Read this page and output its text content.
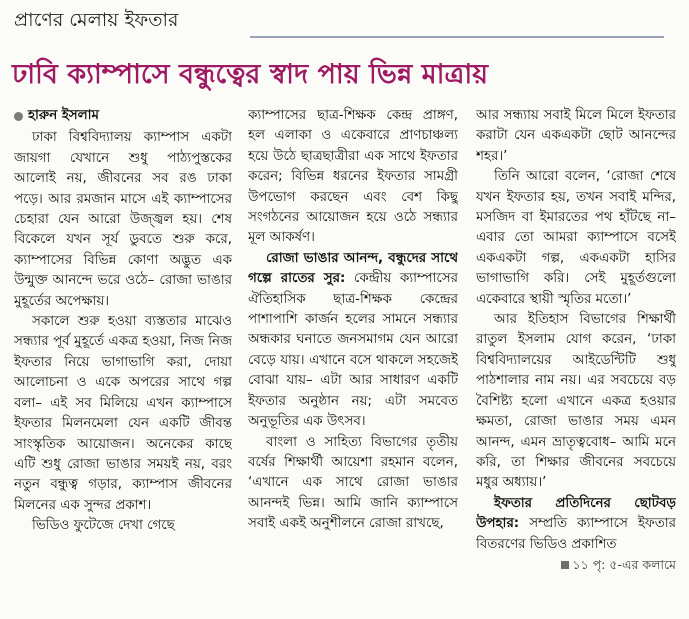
প্রাণের মেলায় ইফতার
ঢাবি ক্যাম্পাসে বন্ধুত্বের স্বাদ পায় ভিন্ন মাত্রায়
হারুন ইসলাম

ঢাকা বিশ্ববিদ্যালয় ক্যাম্পাস একটা জায়গা যেখানে শুধু পাঠ্যপুস্তকের আলোই নয়, জীবনের সব রঙ ঢাকা পড়ে। আর রমজান মাসে এই ক্যাম্পাসের চেহারা যেন আরো উজ্জ্বল হয়। শেষ বিকেলে যখন সূর্য ডুবতে শুরু করে, ক্যাম্পাসের বিভিন্ন কোণা অদ্ভুত এক উন্মুক্ত আনন্দে ভরে ওঠে– রোজা ভাঙার মুহূর্তের অপেক্ষায়।

সকালে শুরু হওয়া ব্যস্ততার মাঝেও সন্ধ্যার পূর্ব মুহূর্তে একত্র হওয়া, নিজ নিজ ইফতার নিয়ে ভাগাভাগি করা, দোয়া আলোচনা ও একে অপরের সাথে গল্প বলা– এই সব মিলিয়ে এখন ক্যাম্পাসে ইফতার মিলনমেলা যেন একটি জীবন্ত সাংস্কৃতিক আয়োজন। অনেকের কাছে এটি শুধু রোজা ভাঙার সময়ই নয়, বরং নতুন বন্ধুত্ব গড়ার, ক্যাম্পাস জীবনের মিলনের এক সুন্দর প্রকাশ।

ভিডিও ফুটেজে দেখা গেছে

ক্যাম্পাসের ছাত্র-শিক্ষক কেন্দ্র প্রাঙ্গণ, হল এলাকা ও একেবারে প্রাণচাঞ্চল্য হয়ে উঠে ছাত্রছাত্রীরা এক সাথে ইফতার করেন; বিভিন্ন ধরনের ইফতার সামগ্রী উপভোগ করছেন এবং বেশ কিছু সংগঠনের আয়োজন হয়ে ওঠে সন্ধ্যার মূল আকর্ষণ।

রোজা ভাঙার আনন্দ, বন্ধুদের সাথে গল্পে রাতের সুর: কেন্দ্রীয় ক্যাম্পাসের ঐতিহাসিক ছাত্র-শিক্ষক কেন্দ্রের পাশাপাশি কার্জন হলের সামনে সন্ধ্যার অন্ধকার ঘনাতে জনসমাগম যেন আরো বেড়ে যায়। এখানে বসে থাকলে সহজেই বোঝা যায়– এটা আর সাধারণ একটি ইফতার অনুষ্ঠান নয়; এটা সমবেত অনুভূতির এক উৎসব।

বাংলা ও সাহিত্য বিভাগের তৃতীয় বর্ষের শিক্ষার্থী আয়েশা রহমান বলেন, ‘এখানে এক সাথে রোজা ভাঙার আনন্দই ভিন্ন। আমি জানি ক্যাম্পাসে সবাই একই অনুশীলনে রোজা রাখছে,

আর সন্ধ্যায় সবাই মিলে মিলে ইফতার করাটা যেন একএকটা ছোট আনন্দের শহর।’

তিনি আরো বলেন, ‘রোজা শেষে যখন ইফতার হয়, তখন সবাই মন্দির, মসজিদ বা ইমারতের পথ হাঁটছে না– এবার তো আমরা ক্যাম্পাসে বসেই একএকটা গল্প, একএকটা হাসির ভাগাভাগি করি। সেই মুহূর্তগুলো একেবারে স্থায়ী স্মৃতির মতো।’

আর ইতিহাস বিভাগের শিক্ষার্থী রাতুল ইসলাম যোগ করেন, ‘ঢাকা বিশ্ববিদ্যালয়ের আইডেন্টিটি শুধু পাঠশালার নাম নয়। এর সবচেয়ে বড় বৈশিষ্ট্য হলো এখানে একত্র হওয়ার ক্ষমতা, রোজা ভাঙার সময় এমন আনন্দ, এমন ভ্রাতৃত্ববোধ– আমি মনে করি, তা শিক্ষার জীবনের সবচেয়ে মধুর অধ্যায়।’

ইফতার প্রতিদিনের ছোটবড় উপহার: সম্প্রতি ক্যাম্পাসে ইফতার বিতরণের ভিডিও প্রকাশিত

১১ পৃ: ৫-এর কলামে
